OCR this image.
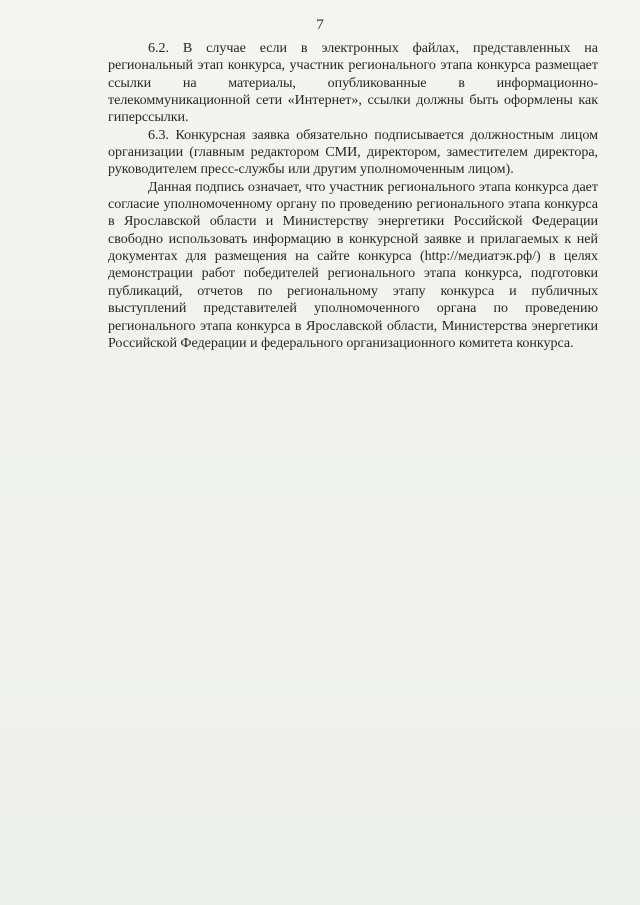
7

6.2. В случае если в электронных файлах, представленных на региональный этап конкурса, участник регионального этапа конкурса размещает ссылки на материалы, опубликованные в информационно-телекоммуникационной сети «Интернет», ссылки должны быть оформлены как гиперссылки.

6.3. Конкурсная заявка обязательно подписывается должностным лицом организации (главным редактором СМИ, директором, заместителем директора, руководителем пресс-службы или другим уполномоченным лицом).

Данная подпись означает, что участник регионального этапа конкурса дает согласие уполномоченному органу по проведению регионального этапа конкурса в Ярославской области и Министерству энергетики Российской Федерации свободно использовать информацию в конкурсной заявке и прилагаемых к ней документах для размещения на сайте конкурса (http://медиатэк.рф/) в целях демонстрации работ победителей регионального этапа конкурса, подготовки публикаций, отчетов по региональному этапу конкурса и публичных выступлений представителей уполномоченного органа по проведению регионального этапа конкурса в Ярославской области, Министерства энергетики Российской Федерации и федерального организационного комитета конкурса.
